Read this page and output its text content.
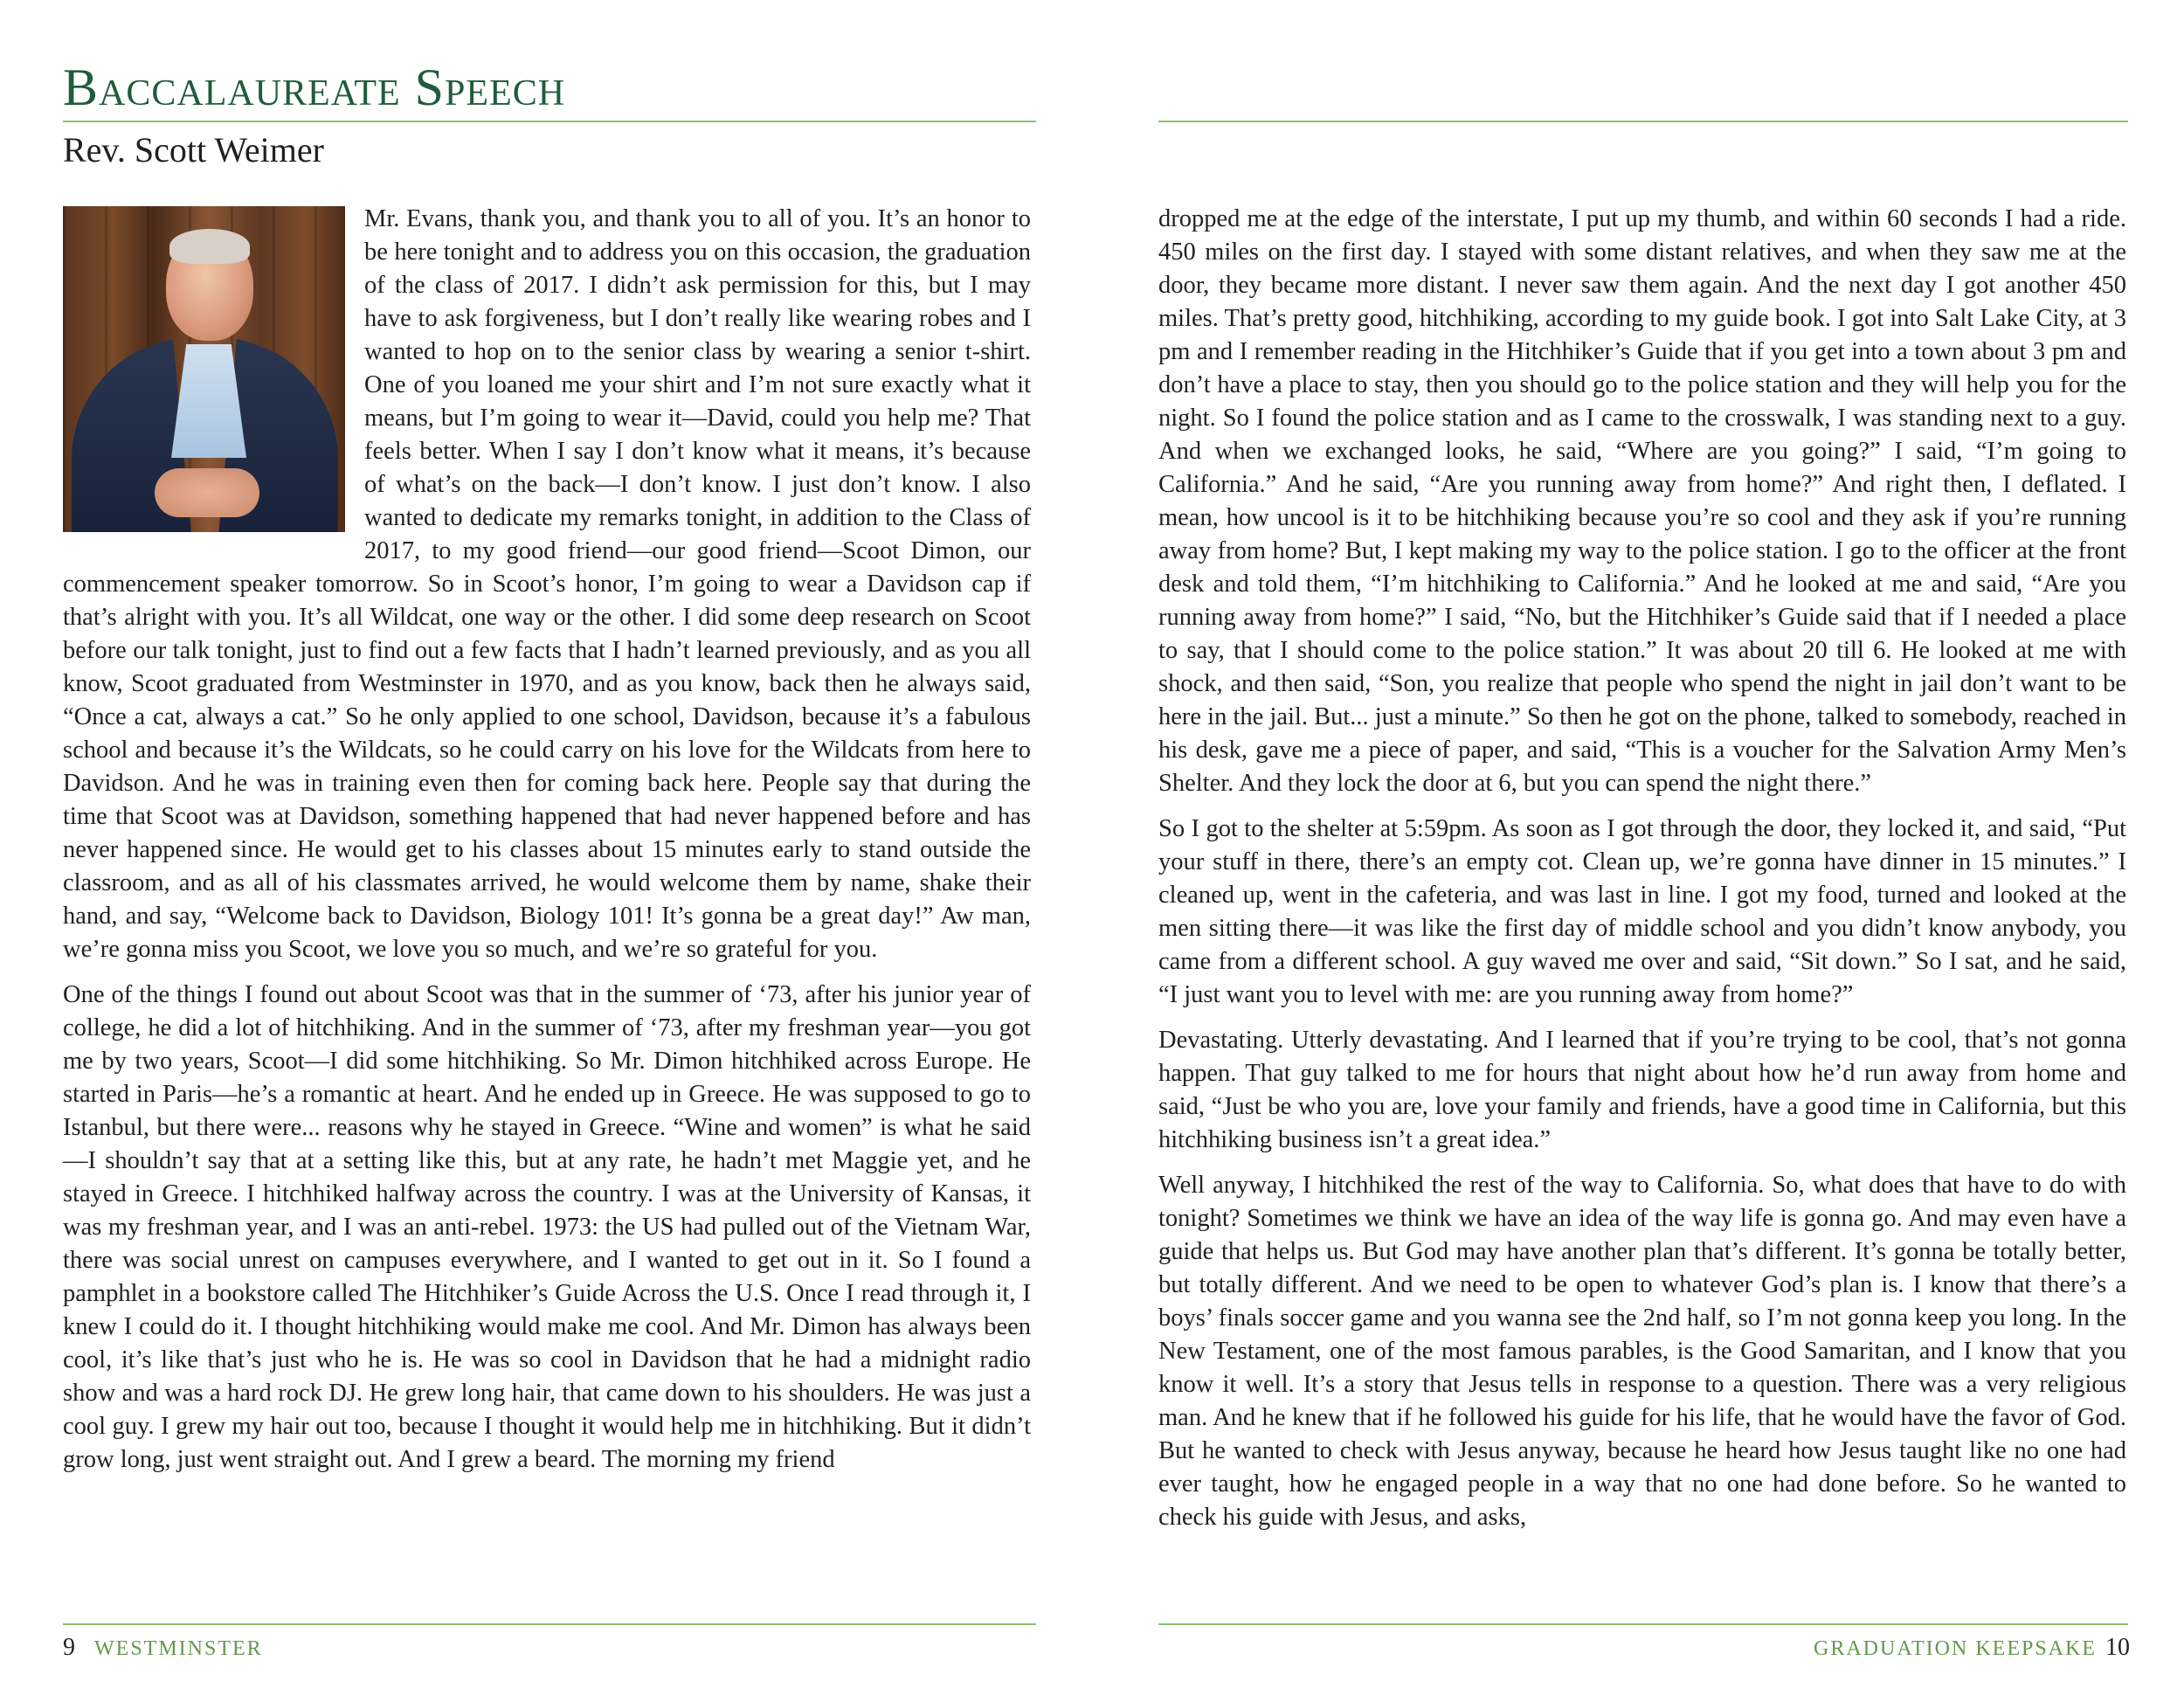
Baccalaureate Speech
Rev. Scott Weimer

Mr. Evans, thank you, and thank you to all of you. It’s an honor to be here tonight and to address you on this occasion, the graduation of the class of 2017. I didn’t ask permission for this, but I may have to ask forgiveness, but I don’t really like wearing robes and I wanted to hop on to the senior class by wearing a senior t-shirt. One of you loaned me your shirt and I’m not sure exactly what it means, but I’m going to wear it—David, could you help me? That feels better. When I say I don’t know what it means, it’s because of what’s on the back—I don’t know. I just don’t know. I also wanted to dedicate my remarks tonight, in addition to the Class of 2017, to my good friend—our good friend—Scoot Dimon, our commencement speaker tomorrow. So in Scoot’s honor, I’m going to wear a Davidson cap if that’s alright with you. It’s all Wildcat, one way or the other. I did some deep research on Scoot before our talk tonight, just to find out a few facts that I hadn’t learned previously, and as you all know, Scoot graduated from Westminster in 1970, and as you know, back then he always said, “Once a cat, always a cat.” So he only applied to one school, Davidson, because it’s a fabulous school and because it’s the Wildcats, so he could carry on his love for the Wildcats from here to Davidson. And he was in training even then for coming back here. People say that during the time that Scoot was at Davidson, something happened that had never happened before and has never happened since. He would get to his classes about 15 minutes early to stand outside the classroom, and as all of his classmates arrived, he would welcome them by name, shake their hand, and say, “Welcome back to Davidson, Biology 101! It’s gonna be a great day!” Aw man, we’re gonna miss you Scoot, we love you so much, and we’re so grateful for you.

One of the things I found out about Scoot was that in the summer of ‘73, after his junior year of college, he did a lot of hitchhiking. And in the summer of ‘73, after my freshman year—you got me by two years, Scoot—I did some hitchhiking. So Mr. Dimon hitchhiked across Europe. He started in Paris—he’s a romantic at heart. And he ended up in Greece. He was supposed to go to Istanbul, but there were... reasons why he stayed in Greece. “Wine and women” is what he said—I shouldn’t say that at a setting like this, but at any rate, he hadn’t met Maggie yet, and he stayed in Greece. I hitchhiked halfway across the country. I was at the University of Kansas, it was my freshman year, and I was an anti-rebel. 1973: the US had pulled out of the Vietnam War, there was social unrest on campuses everywhere, and I wanted to get out in it. So I found a pamphlet in a bookstore called The Hitchhiker’s Guide Across the U.S. Once I read through it, I knew I could do it. I thought hitchhiking would make me cool. And Mr. Dimon has always been cool, it’s like that’s just who he is. He was so cool in Davidson that he had a midnight radio show and was a hard rock DJ. He grew long hair, that came down to his shoulders. He was just a cool guy. I grew my hair out too, because I thought it would help me in hitchhiking. But it didn’t grow long, just went straight out. And I grew a beard. The morning my friend

9 WESTMINSTER

dropped me at the edge of the interstate, I put up my thumb, and within 60 seconds I had a ride. 450 miles on the first day. I stayed with some distant relatives, and when they saw me at the door, they became more distant. I never saw them again. And the next day I got another 450 miles. That’s pretty good, hitchhiking, according to my guide book. I got into Salt Lake City, at 3 pm and I remember reading in the Hitchhiker’s Guide that if you get into a town about 3 pm and don’t have a place to stay, then you should go to the police station and they will help you for the night. So I found the police station and as I came to the crosswalk, I was standing next to a guy. And when we exchanged looks, he said, “Where are you going?” I said, “I’m going to California.” And he said, “Are you running away from home?” And right then, I deflated. I mean, how uncool is it to be hitchhiking because you’re so cool and they ask if you’re running away from home? But, I kept making my way to the police station. I go to the officer at the front desk and told them, “I’m hitchhiking to California.” And he looked at me and said, “Are you running away from home?” I said, “No, but the Hitchhiker’s Guide said that if I needed a place to say, that I should come to the police station.” It was about 20 till 6. He looked at me with shock, and then said, “Son, you realize that people who spend the night in jail don’t want to be here in the jail. But... just a minute.” So then he got on the phone, talked to somebody, reached in his desk, gave me a piece of paper, and said, “This is a voucher for the Salvation Army Men’s Shelter. And they lock the door at 6, but you can spend the night there.”

So I got to the shelter at 5:59pm. As soon as I got through the door, they locked it, and said, “Put your stuff in there, there’s an empty cot. Clean up, we’re gonna have dinner in 15 minutes.” I cleaned up, went in the cafeteria, and was last in line. I got my food, turned and looked at the men sitting there—it was like the first day of middle school and you didn’t know anybody, you came from a different school. A guy waved me over and said, “Sit down.” So I sat, and he said, “I just want you to level with me: are you running away from home?”

Devastating. Utterly devastating. And I learned that if you’re trying to be cool, that’s not gonna happen. That guy talked to me for hours that night about how he’d run away from home and said, “Just be who you are, love your family and friends, have a good time in California, but this hitchhiking business isn’t a great idea.”

Well anyway, I hitchhiked the rest of the way to California. So, what does that have to do with tonight? Sometimes we think we have an idea of the way life is gonna go. And may even have a guide that helps us. But God may have another plan that’s different. It’s gonna be totally better, but totally different. And we need to be open to whatever God’s plan is. I know that there’s a boys’ finals soccer game and you wanna see the 2nd half, so I’m not gonna keep you long. In the New Testament, one of the most famous parables, is the Good Samaritan, and I know that you know it well. It’s a story that Jesus tells in response to a question. There was a very religious man. And he knew that if he followed his guide for his life, that he would have the favor of God. But he wanted to check with Jesus anyway, because he heard how Jesus taught like no one had ever taught, how he engaged people in a way that no one had done before. So he wanted to check his guide with Jesus, and asks,

GRADUATION KEEPSAKE 10
